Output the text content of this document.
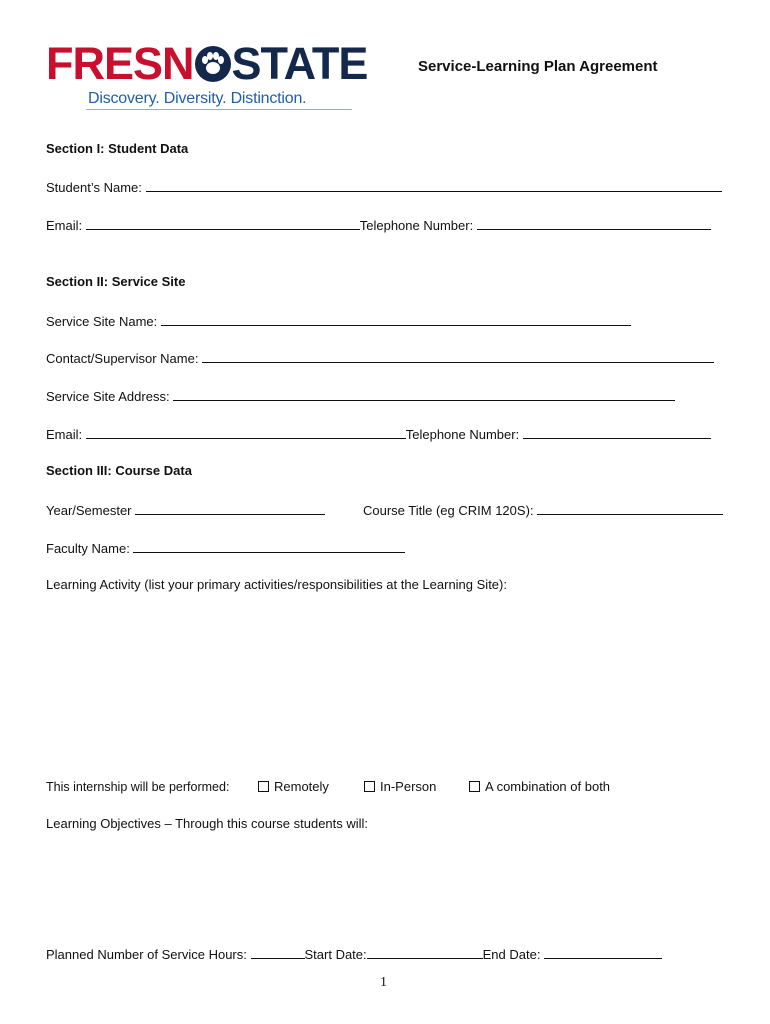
FRESN STATE
Discovery. Diversity. Distinction.
Service-Learning Plan Agreement
Section I: Student Data
Student’s Name:
Email:	Telephone Number:
Section II: Service Site
Service Site Name:
Contact/Supervisor Name:
Service Site Address:
Email:	Telephone Number:
Section III: Course Data
Year/Semester	Course Title (eg CRIM 120S):
Faculty Name:
Learning Activity (list your primary activities/responsibilities at the Learning Site):
This internship will be performed:	Remotely	In-Person	A combination of both
Learning Objectives – Through this course students will:
Planned Number of Service Hours:	Start Date:	End Date:
1
